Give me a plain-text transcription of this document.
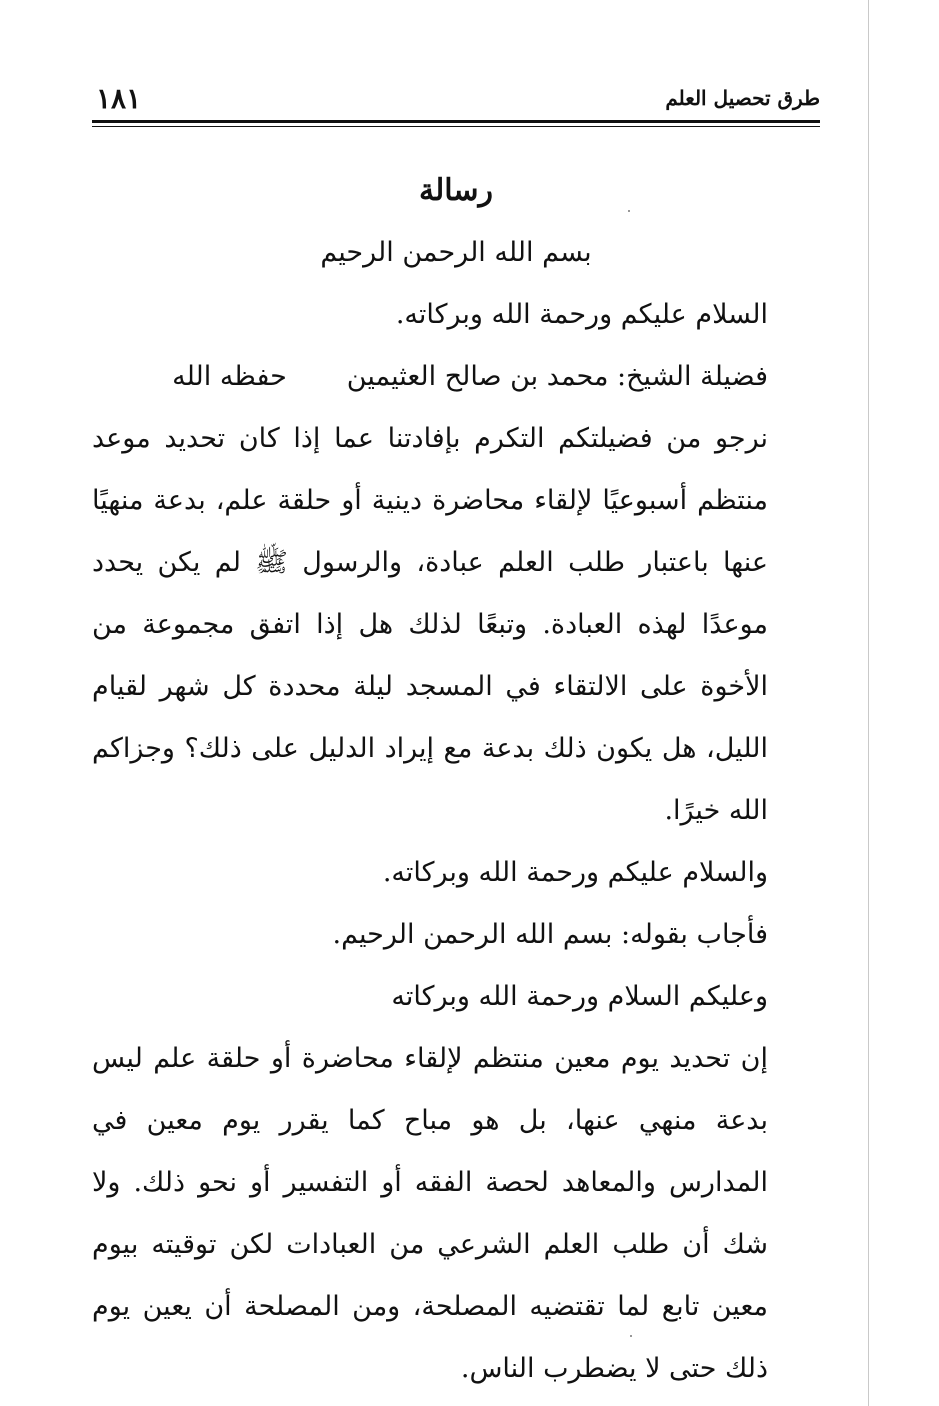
طرق تحصيل العلم
١٨١

رسالة

بسم الله الرحمن الرحيم

السلام عليكم ورحمة الله وبركاته.

فضيلة الشيخ: محمد بن صالح العثيمينحفظه الله

نرجو من فضيلتكم التكرم بإفادتنا عما إذا كان تحديد موعد منتظم أسبوعيًا لإلقاء محاضرة دينية أو حلقة علم، بدعة منهيًا عنها باعتبار طلب العلم عبادة، والرسول ﷺ لم يكن يحدد موعدًا لهذه العبادة. وتبعًا لذلك هل إذا اتفق مجموعة من الأخوة على الالتقاء في المسجد ليلة محددة كل شهر لقيام الليل، هل يكون ذلك بدعة مع إيراد الدليل على ذلك؟ وجزاكم الله خيرًا.

والسلام عليكم ورحمة الله وبركاته.

فأجاب بقوله: بسم الله الرحمن الرحيم.

وعليكم السلام ورحمة الله وبركاته

إن تحديد يوم معين منتظم لإلقاء محاضرة أو حلقة علم ليس بدعة منهي عنها، بل هو مباح كما يقرر يوم معين في المدارس والمعاهد لحصة الفقه أو التفسير أو نحو ذلك. ولا شك أن طلب العلم الشرعي من العبادات لكن توقيته بيوم معين تابع لما تقتضيه المصلحة، ومن المصلحة أن يعين يوم ذلك حتى لا يضطرب الناس.
